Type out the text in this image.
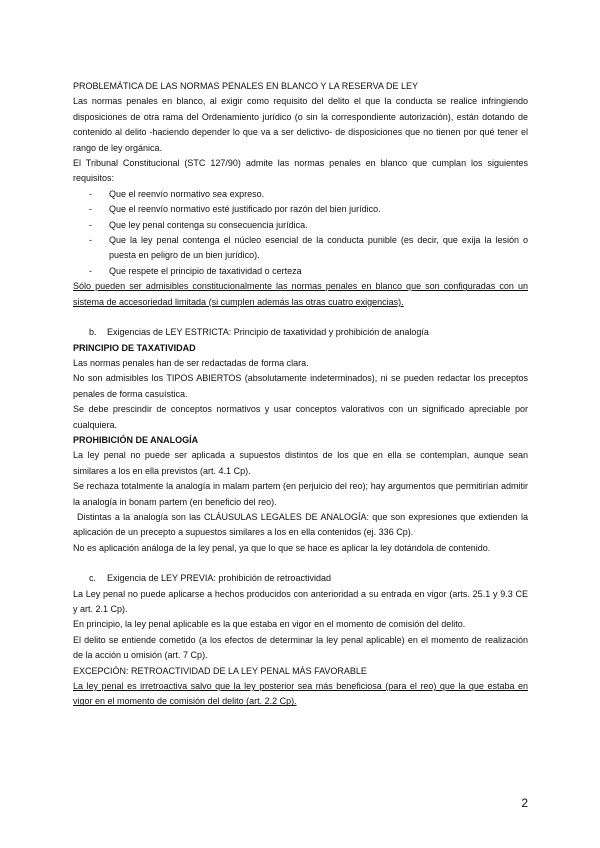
PROBLEMÁTICA DE LAS NORMAS PENALES EN BLANCO Y LA RESERVA DE LEY

Las normas penales en blanco, al exigir como requisito del delito el que la conducta se realice infringiendo disposiciones de otra rama del Ordenamiento jurídico (o sin la correspondiente autorización), están dotando de contenido al delito -haciendo depender lo que va a ser delictivo- de disposiciones que no tienen por qué tener el rango de ley orgánica.

El Tribunal Constitucional (STC 127/90) admite las normas penales en blanco que cumplan los siguientes requisitos:

- Que el reenvío normativo sea expreso.
- Que el reenvío normativo esté justificado por razón del bien jurídico.
- Que ley penal contenga su consecuencia jurídica.
- Que la ley penal contenga el núcleo esencial de la conducta punible (es decir, que exija la lesión o puesta en peligro de un bien jurídico).
- Que respete el principio de taxatividad o certeza

Sólo pueden ser admisibles constitucionalmente las normas penales en blanco que son configuradas con un sistema de accesoriedad limitada (si cumplen además las otras cuatro exigencias).

b. Exigencias de LEY ESTRICTA: Principio de taxatividad y prohibición de analogía

PRINCIPIO DE TAXATIVIDAD

Las normas penales han de ser redactadas de forma clara.

No son admisibles los TIPOS ABIERTOS (absolutamente indeterminados), ni se pueden redactar los preceptos penales de forma casuística.

Se debe prescindir de conceptos normativos y usar conceptos valorativos con un significado apreciable por cualquiera.

PROHIBICIÓN DE ANALOGÍA

La ley penal no puede ser aplicada a supuestos distintos de los que en ella se contemplan, aunque sean similares a los en ella previstos (art. 4.1 Cp).

Se rechaza totalmente la analogía in malam partem (en perjuicio del reo); hay argumentos que permitirían admitir la analogía in bonam partem (en beneficio del reo).

Distintas a la analogía son las CLÁUSULAS LEGALES DE ANALOGÍA: que son expresiones que extienden la aplicación de un precepto a supuestos similares a los en ella contenidos (ej. 336 Cp).

No es aplicación análoga de la ley penal, ya que lo que se hace es aplicar la ley dotándola de contenido.

c. Exigencia de LEY PREVIA: prohibición de retroactividad

La Ley penal no puede aplicarse a hechos producidos con anterioridad a su entrada en vigor (arts. 25.1 y 9.3 CE y art. 2.1 Cp).

En principio, la ley penal aplicable es la que estaba en vigor en el momento de comisión del delito.

El delito se entiende cometido (a los efectos de determinar la ley penal aplicable) en el momento de realización de la acción u omisión (art. 7 Cp).

EXCEPCIÓN: RETROACTIVIDAD DE LA LEY PENAL MÁS FAVORABLE

La ley penal es irretroactiva salvo que la ley posterior sea más beneficiosa (para el reo) que la que estaba en vigor en el momento de comisión del delito (art. 2.2 Cp).

2
